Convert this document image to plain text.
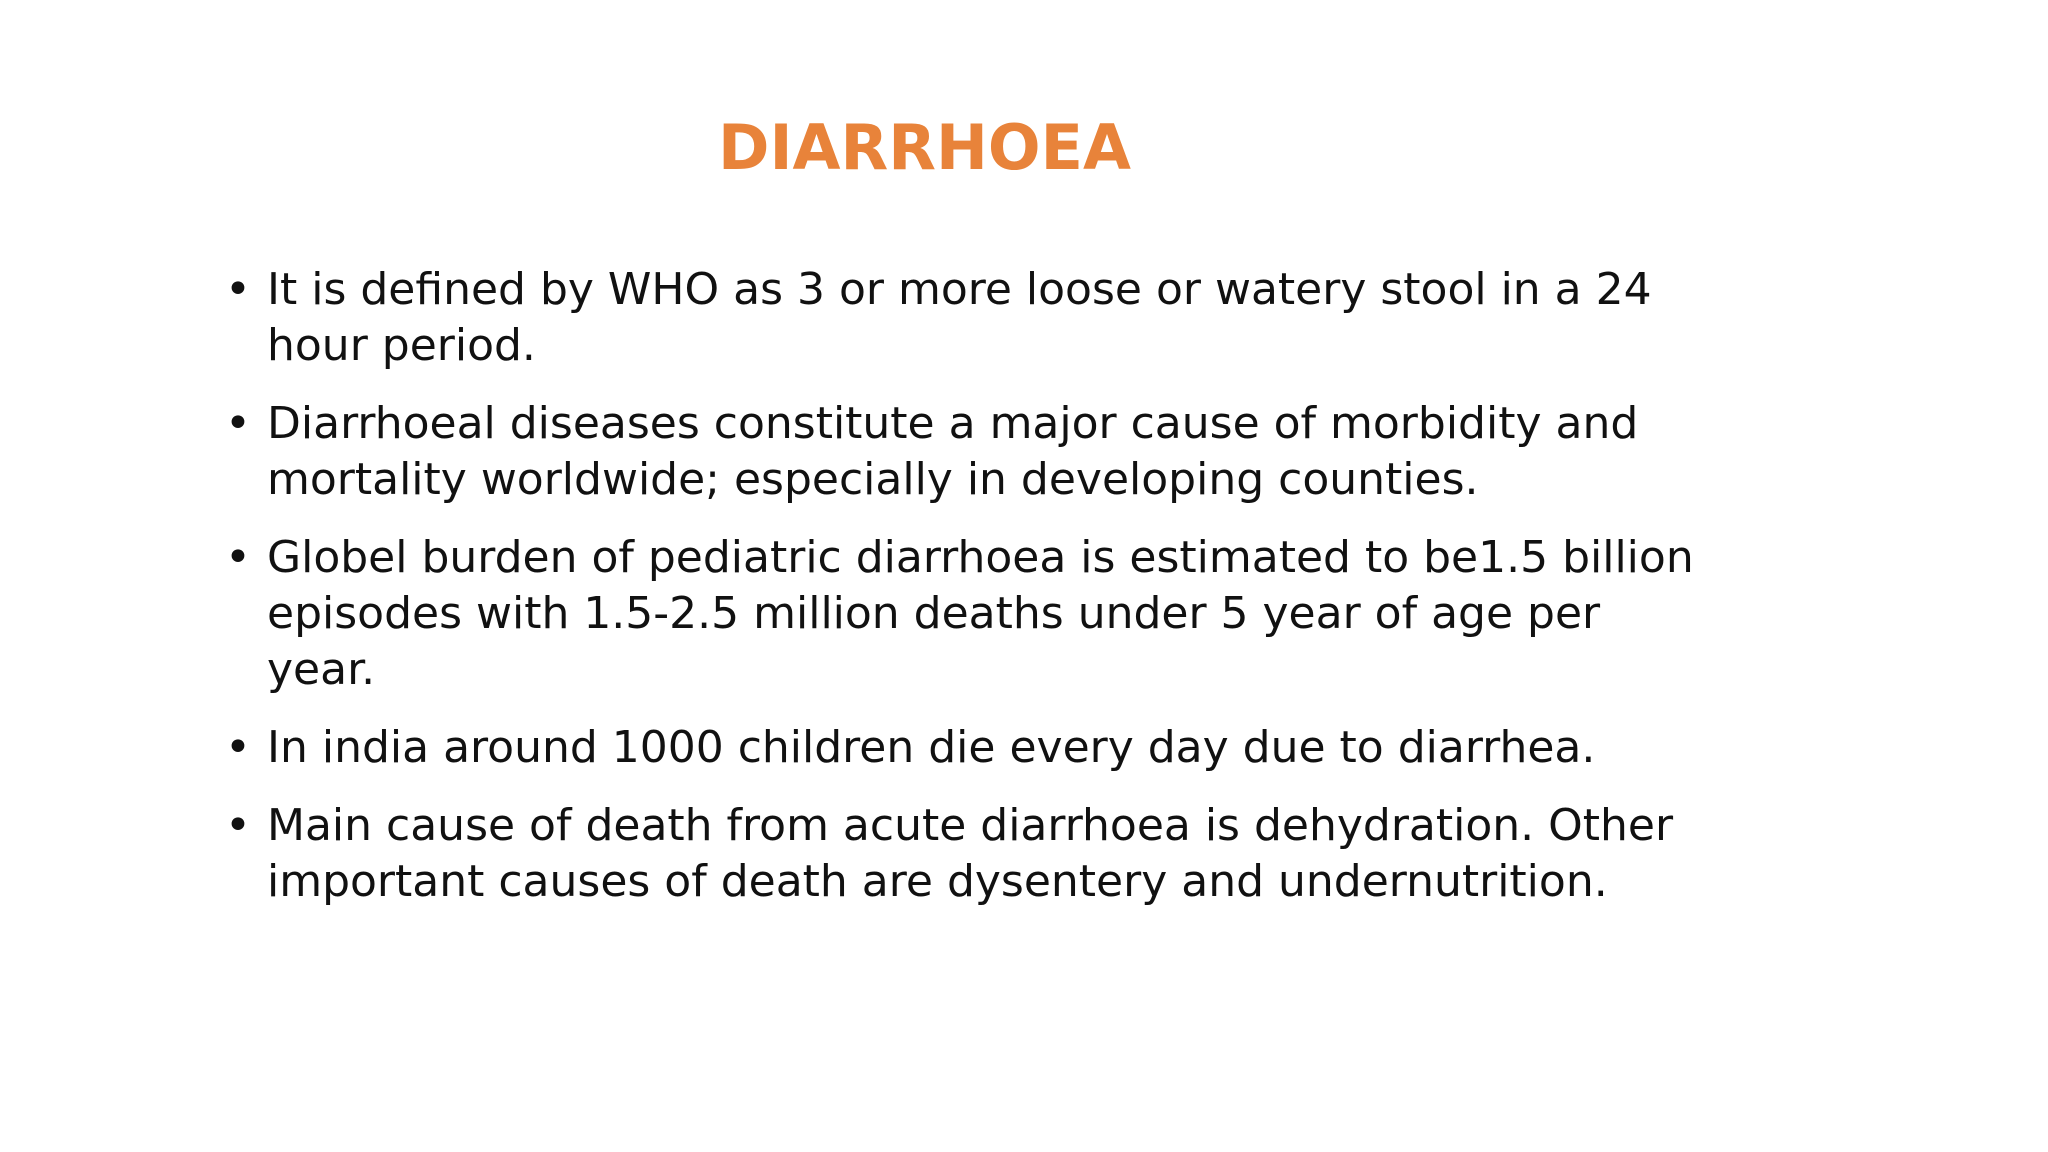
DIARRHOEA
• It is defined by WHO as 3 or more loose or watery stool in a 24 hour period.
• Diarrhoeal diseases constitute a major cause of morbidity and mortality worldwide; especially in developing counties.
• Globel burden of pediatric diarrhoea is estimated to be1.5 billion episodes with 1.5-2.5 million deaths under 5 year of age per year.
• In india around 1000 children die every day due to diarrhea.
• Main cause of death from acute diarrhoea is dehydration. Other important causes of death are dysentery and undernutrition.
